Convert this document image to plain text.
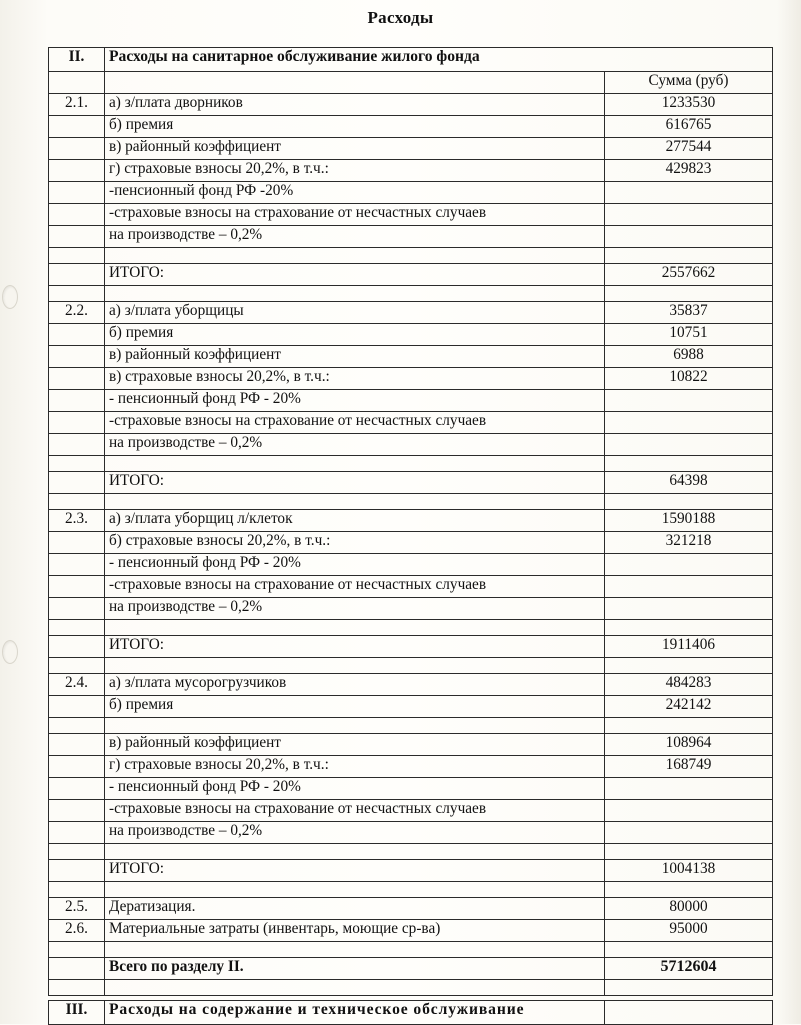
Расходы
II.	Расходы на санитарное обслуживание жилого фонда	
		Сумма (руб)
2.1.	а) з/плата дворников	1233530
	б) премия	616765
	в) районный коэффициент	277544
	г) страховые взносы 20,2%, в т.ч.:	429823
	-пенсионный фонд РФ -20%	
	-страховые взносы на страхование от несчастных случаев	
	на производстве – 0,2%	

	ИТОГО:	2557662

2.2.	а) з/плата уборщицы	35837
	б) премия	10751
	в) районный коэффициент	6988
	в) страховые взносы 20,2%, в т.ч.:	10822
	- пенсионный фонд РФ - 20%	
	-страховые взносы на страхование от несчастных случаев	
	на производстве – 0,2%	

	ИТОГО:	64398

2.3.	а) з/плата уборщиц л/клеток	1590188
	б) страховые взносы 20,2%, в т.ч.:	321218
	- пенсионный фонд РФ - 20%	
	-страховые взносы на страхование от несчастных случаев	
	на производстве – 0,2%	

	ИТОГО:	1911406

2.4.	а) з/плата мусорогрузчиков	484283
	б) премия	242142

	в) районный коэффициент	108964
	г) страховые взносы 20,2%, в т.ч.:	168749
	- пенсионный фонд РФ - 20%	
	-страховые взносы на страхование от несчастных случаев	
	на производстве – 0,2%	

	ИТОГО:	1004138

2.5.	Дератизация.	80000
2.6.	Материальные затраты (инвентарь, моющие ср-ва)	95000

	Всего по разделу II.	5712604

III.	Расходы на содержание и техническое обслуживание	
